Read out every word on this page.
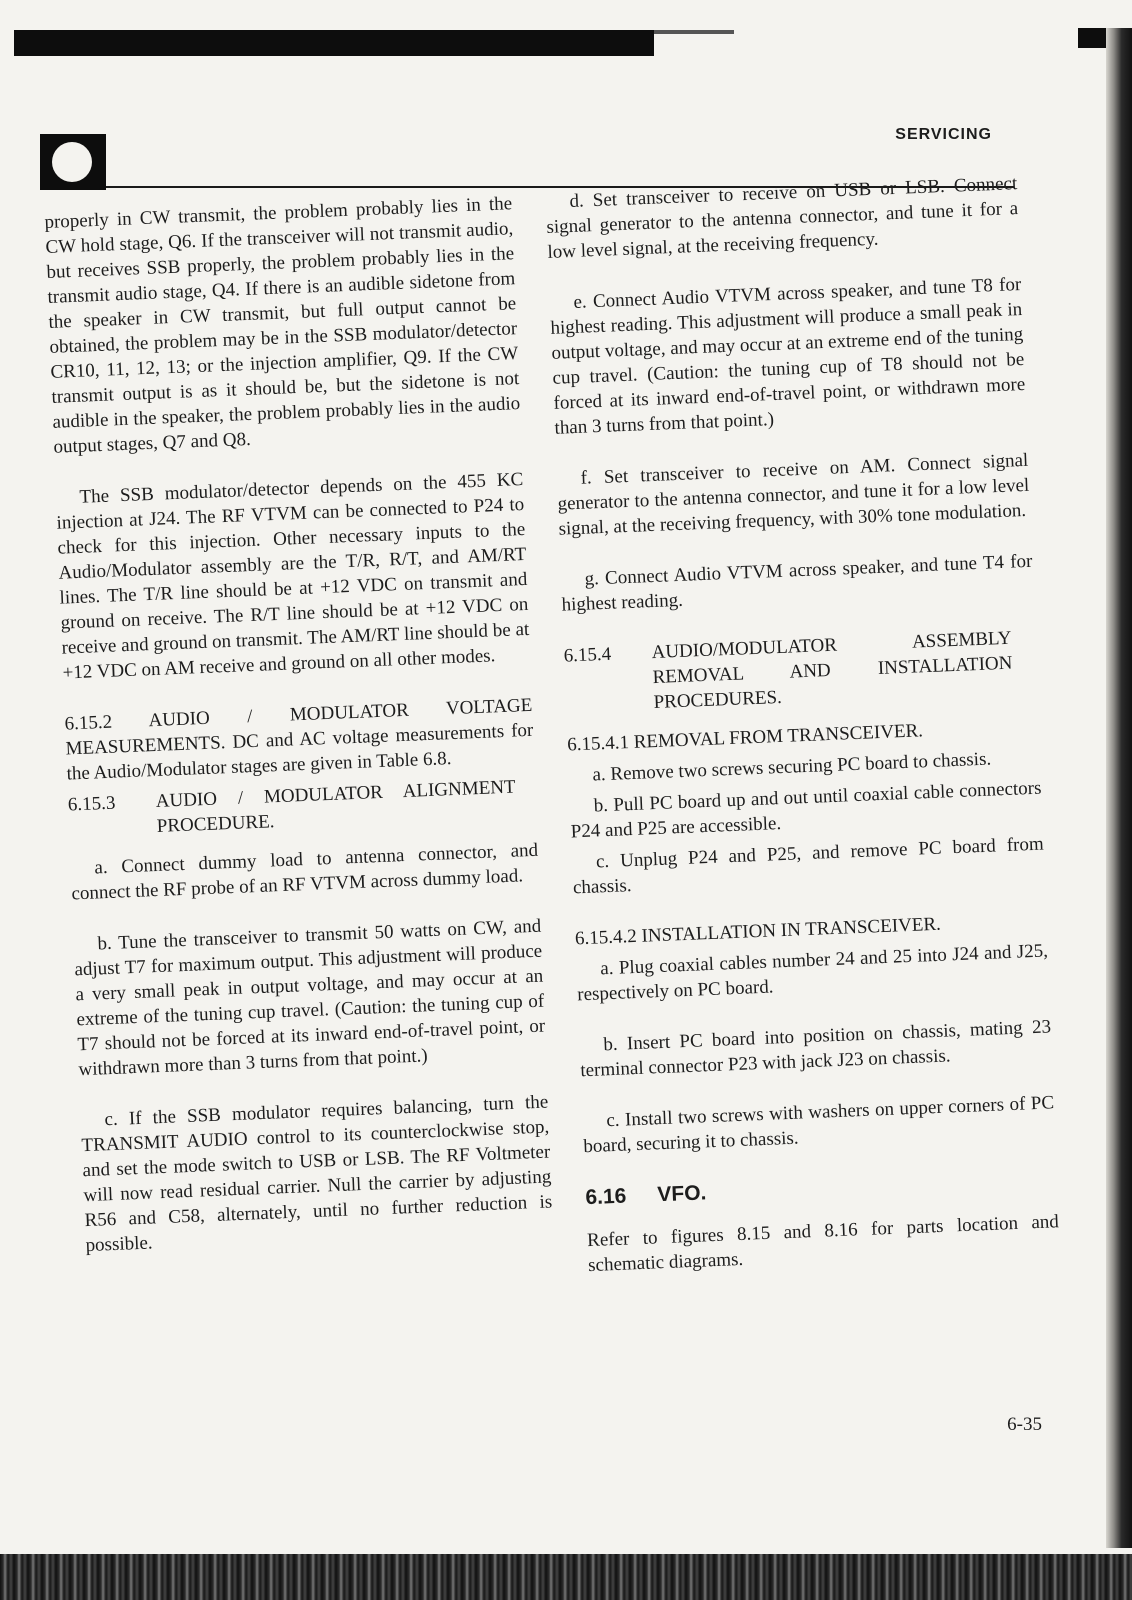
SERVICING

properly in CW transmit, the problem probably lies in the CW hold stage, Q6. If the transceiver will not transmit audio, but receives SSB properly, the problem probably lies in the transmit audio stage, Q4. If there is an audible sidetone from the speaker in CW transmit, but full output cannot be obtained, the problem may be in the SSB modulator/detector CR10, 11, 12, 13; or the injection amplifier, Q9. If the CW transmit output is as it should be, but the sidetone is not audible in the speaker, the problem probably lies in the audio output stages, Q7 and Q8.

The SSB modulator/detector depends on the 455 KC injection at J24. The RF VTVM can be connected to P24 to check for this injection. Other necessary inputs to the Audio/Modulator assembly are the T/R, R/T, and AM/RT lines. The T/R line should be at +12 VDC on transmit and ground on receive. The R/T line should be at +12 VDC on receive and ground on transmit. The AM/RT line should be at +12 VDC on AM receive and ground on all other modes.

6.15.2 AUDIO / MODULATOR VOLTAGE MEASUREMENTS. DC and AC voltage measurements for the Audio/Modulator stages are given in Table 6.8.

6.15.3 AUDIO / MODULATOR ALIGNMENT PROCEDURE.

a. Connect dummy load to antenna connector, and connect the RF probe of an RF VTVM across dummy load.

b. Tune the transceiver to transmit 50 watts on CW, and adjust T7 for maximum output. This adjustment will produce a very small peak in output voltage, and may occur at an extreme of the tuning cup travel. (Caution: the tuning cup of T7 should not be forced at its inward end-of-travel point, or withdrawn more than 3 turns from that point.)

c. If the SSB modulator requires balancing, turn the TRANSMIT AUDIO control to its counterclockwise stop, and set the mode switch to USB or LSB. The RF Voltmeter will now read residual carrier. Null the carrier by adjusting R56 and C58, alternately, until no further reduction is possible.

d. Set transceiver to receive on USB or LSB. Connect signal generator to the antenna connector, and tune it for a low level signal, at the receiving frequency.

e. Connect Audio VTVM across speaker, and tune T8 for highest reading. This adjustment will produce a small peak in output voltage, and may occur at an extreme end of the tuning cup travel. (Caution: the tuning cup of T8 should not be forced at its inward end-of-travel point, or withdrawn more than 3 turns from that point.)

f. Set transceiver to receive on AM. Connect signal generator to the antenna connector, and tune it for a low level signal, at the receiving frequency, with 30% tone modulation.

g. Connect Audio VTVM across speaker, and tune T4 for highest reading.

6.15.4 AUDIO/MODULATOR ASSEMBLY REMOVAL AND INSTALLATION PROCEDURES.

6.15.4.1 REMOVAL FROM TRANSCEIVER.

a. Remove two screws securing PC board to chassis.

b. Pull PC board up and out until coaxial cable connectors P24 and P25 are accessible.

c. Unplug P24 and P25, and remove PC board from chassis.

6.15.4.2 INSTALLATION IN TRANSCEIVER.

a. Plug coaxial cables number 24 and 25 into J24 and J25, respectively on PC board.

b. Insert PC board into position on chassis, mating 23 terminal connector P23 with jack J23 on chassis.

c. Install two screws with washers on upper corners of PC board, securing it to chassis.

6.16 VFO.

Refer to figures 8.15 and 8.16 for parts location and schematic diagrams.

6-35
